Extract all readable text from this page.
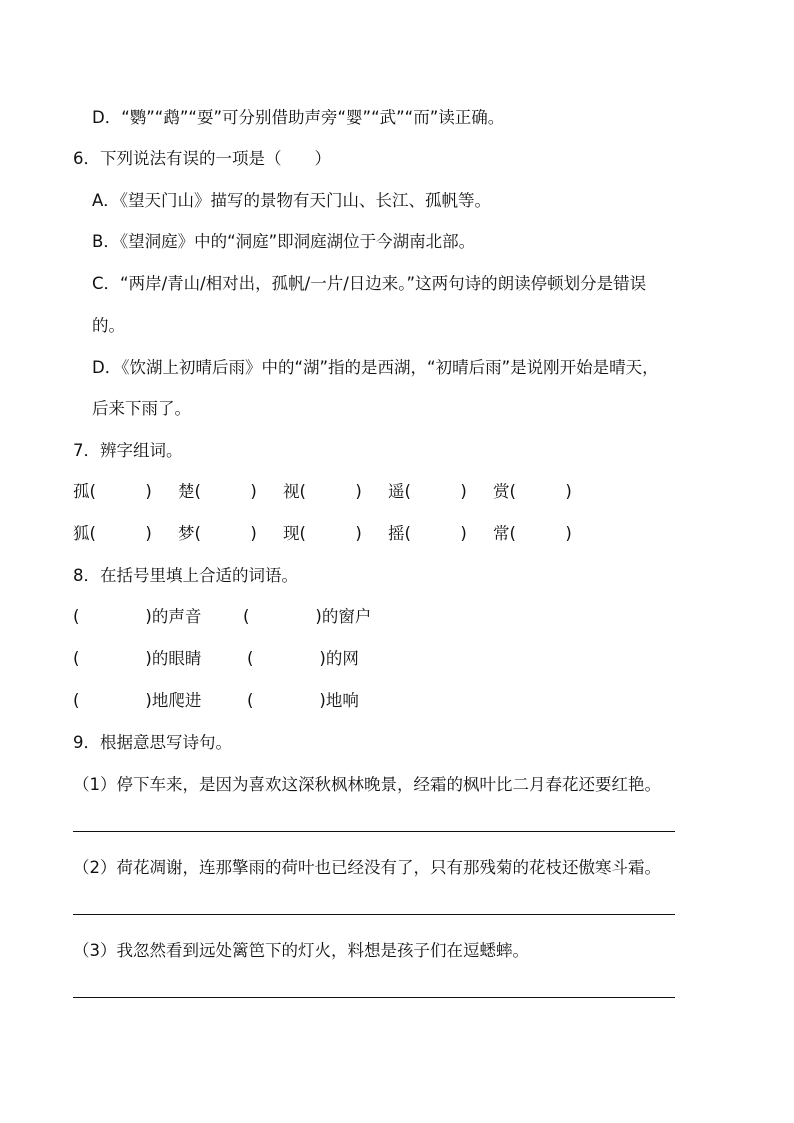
D．“鹦”“鹉”“耍”可分别借助声旁“婴”“武”“而”读正确。
6．下列说法有误的一项是（　　）
A．《望天门山》描写的景物有天门山、长江、孤帆等。
B．《望洞庭》中的“洞庭”即洞庭湖位于今湖南北部。
C．“两岸/青山/相对出，孤帆/一片/日边来。”这两句诗的朗读停顿划分是错误
的。
D．《饮湖上初晴后雨》中的“湖”指的是西湖，“初晴后雨”是说刚开始是晴天，
后来下雨了。
7．辨字组词。
孤(　　　) 楚(　　　) 视(　　　) 遥(　　　) 赏(　　　)
狐(　　　) 梦(　　　) 现(　　　) 摇(　　　) 常(　　　)
8．在括号里填上合适的词语。
(　　　　)的声音	(　　　　)的窗户
(　　　　)的眼睛	(　　　　)的网
(　　　　)地爬进	(　　　　)地响
9．根据意思写诗句。
（1）停下车来，是因为喜欢这深秋枫林晚景，经霜的枫叶比二月春花还要红艳。
（2）荷花凋谢，连那擎雨的荷叶也已经没有了，只有那残菊的花枝还傲寒斗霜。
（3）我忽然看到远处篱笆下的灯火，料想是孩子们在逗蟋蟀。
